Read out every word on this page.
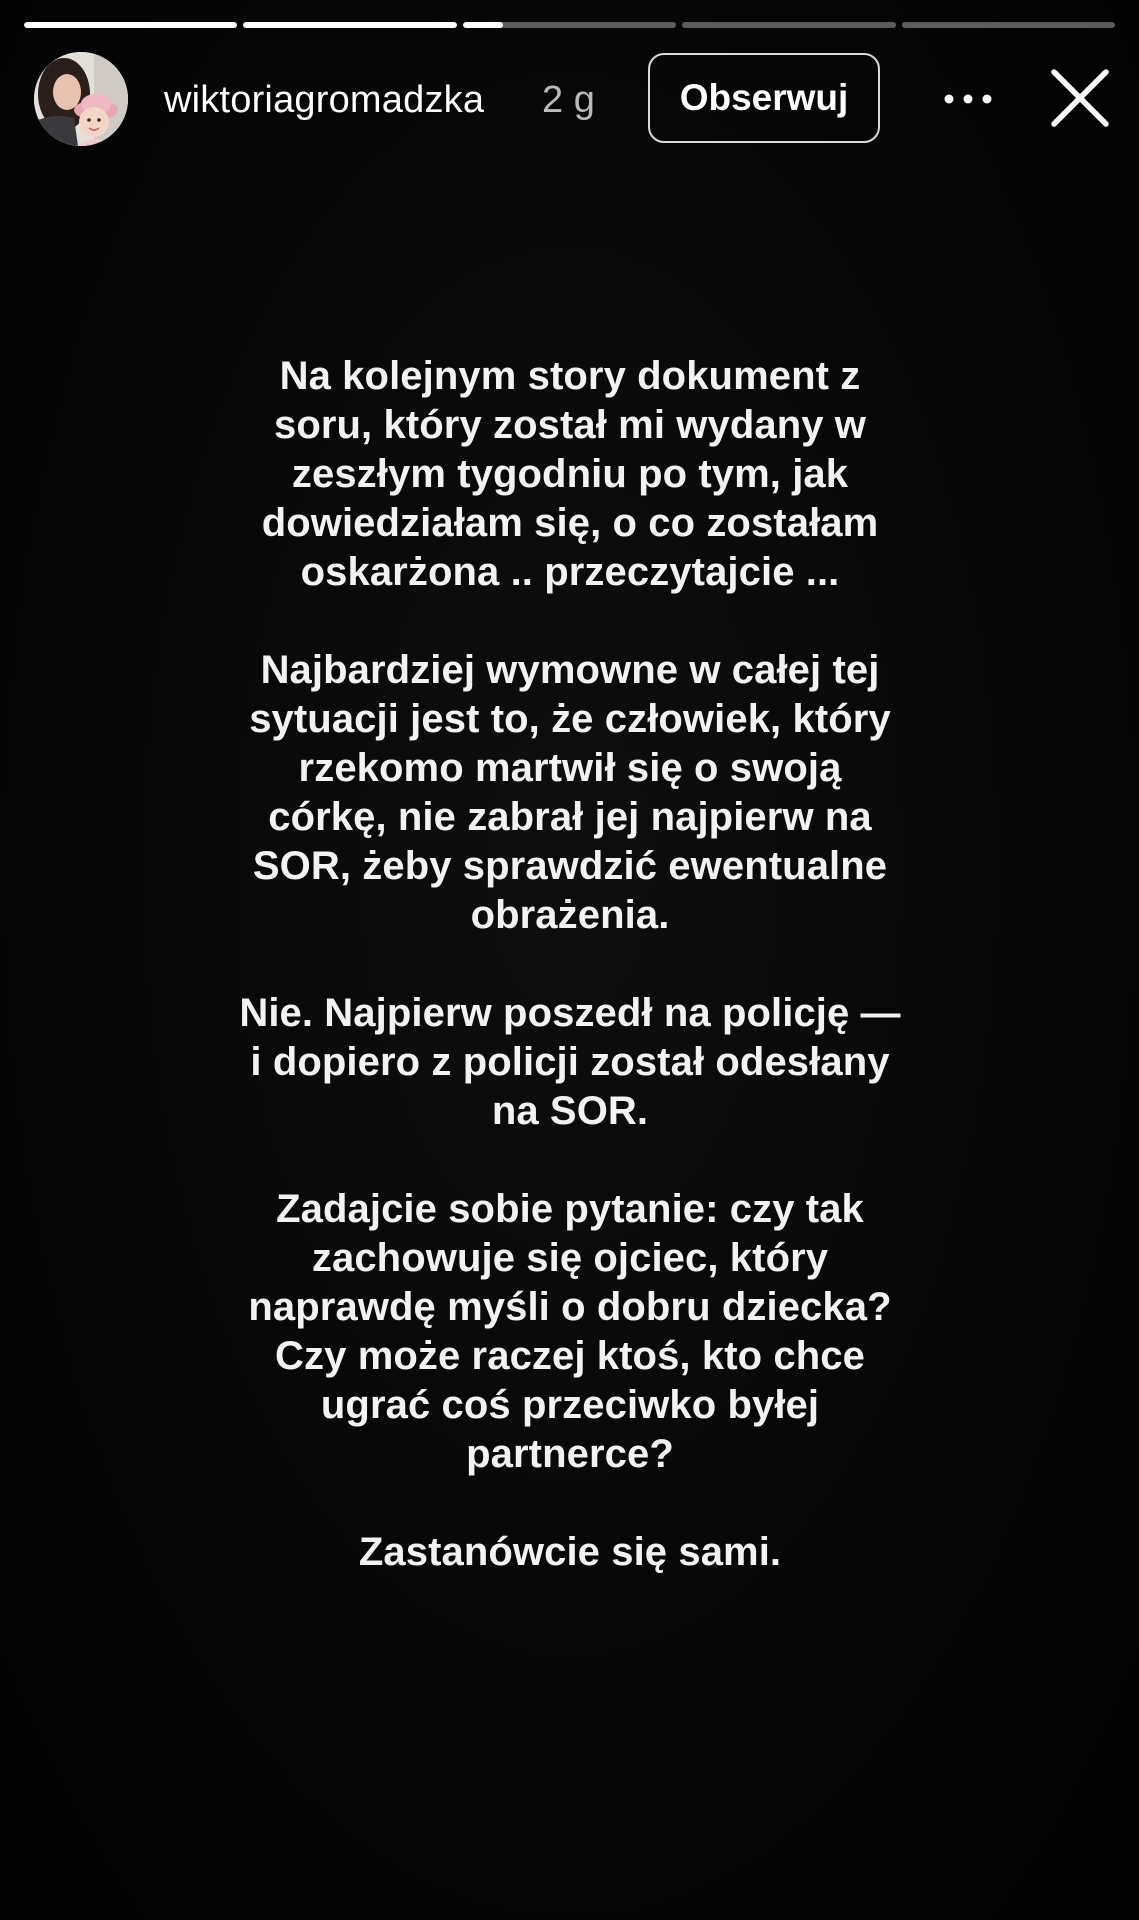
wiktoriagromadzka 2 g	Obserwuj

Na kolejnym story dokument z
soru, który został mi wydany w
zeszłym tygodniu po tym, jak
dowiedziałam się, o co zostałam
oskarżona .. przeczytajcie ...

Najbardziej wymowne w całej tej
sytuacji jest to, że człowiek, który
rzekomo martwił się o swoją
córkę, nie zabrał jej najpierw na
SOR, żeby sprawdzić ewentualne
obrażenia.

Nie. Najpierw poszedł na policję —
i dopiero z policji został odesłany
na SOR.

Zadajcie sobie pytanie: czy tak
zachowuje się ojciec, który
naprawdę myśli o dobru dziecka?
Czy może raczej ktoś, kto chce
ugrać coś przeciwko byłej
partnerce?

Zastanówcie się sami.
